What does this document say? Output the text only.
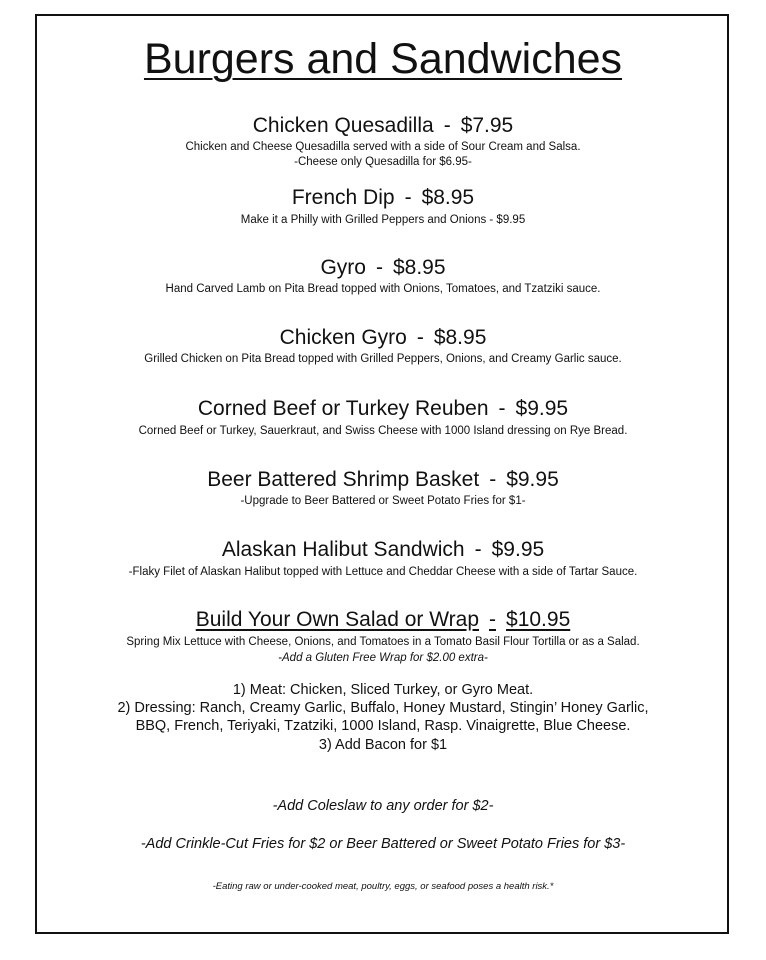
Burgers and Sandwiches
Chicken Quesadilla - $7.95
Chicken and Cheese Quesadilla served with a side of Sour Cream and Salsa.
-Cheese only Quesadilla for $6.95-
French Dip - $8.95
Make it a Philly with Grilled Peppers and Onions - $9.95
Gyro - $8.95
Hand Carved Lamb on Pita Bread topped with Onions, Tomatoes, and Tzatziki sauce.
Chicken Gyro - $8.95
Grilled Chicken on Pita Bread topped with Grilled Peppers, Onions, and Creamy Garlic sauce.
Corned Beef or Turkey Reuben - $9.95
Corned Beef or Turkey, Sauerkraut, and Swiss Cheese with 1000 Island dressing on Rye Bread.
Beer Battered Shrimp Basket - $9.95
-Upgrade to Beer Battered or Sweet Potato Fries for $1-
Alaskan Halibut Sandwich - $9.95
-Flaky Filet of Alaskan Halibut topped with Lettuce and Cheddar Cheese with a side of Tartar Sauce.
Build Your Own Salad or Wrap - $10.95
Spring Mix Lettuce with Cheese, Onions, and Tomatoes in a Tomato Basil Flour Tortilla or as a Salad.
-Add a Gluten Free Wrap for $2.00 extra-
1) Meat: Chicken, Sliced Turkey, or Gyro Meat.
2) Dressing: Ranch, Creamy Garlic, Buffalo, Honey Mustard, Stingin’ Honey Garlic,
BBQ, French, Teriyaki, Tzatziki, 1000 Island, Rasp. Vinaigrette, Blue Cheese.
3) Add Bacon for $1
-Add Coleslaw to any order for $2-
-Add Crinkle-Cut Fries for $2 or Beer Battered or Sweet Potato Fries for $3-
-Eating raw or under-cooked meat, poultry, eggs, or seafood poses a health risk.*
